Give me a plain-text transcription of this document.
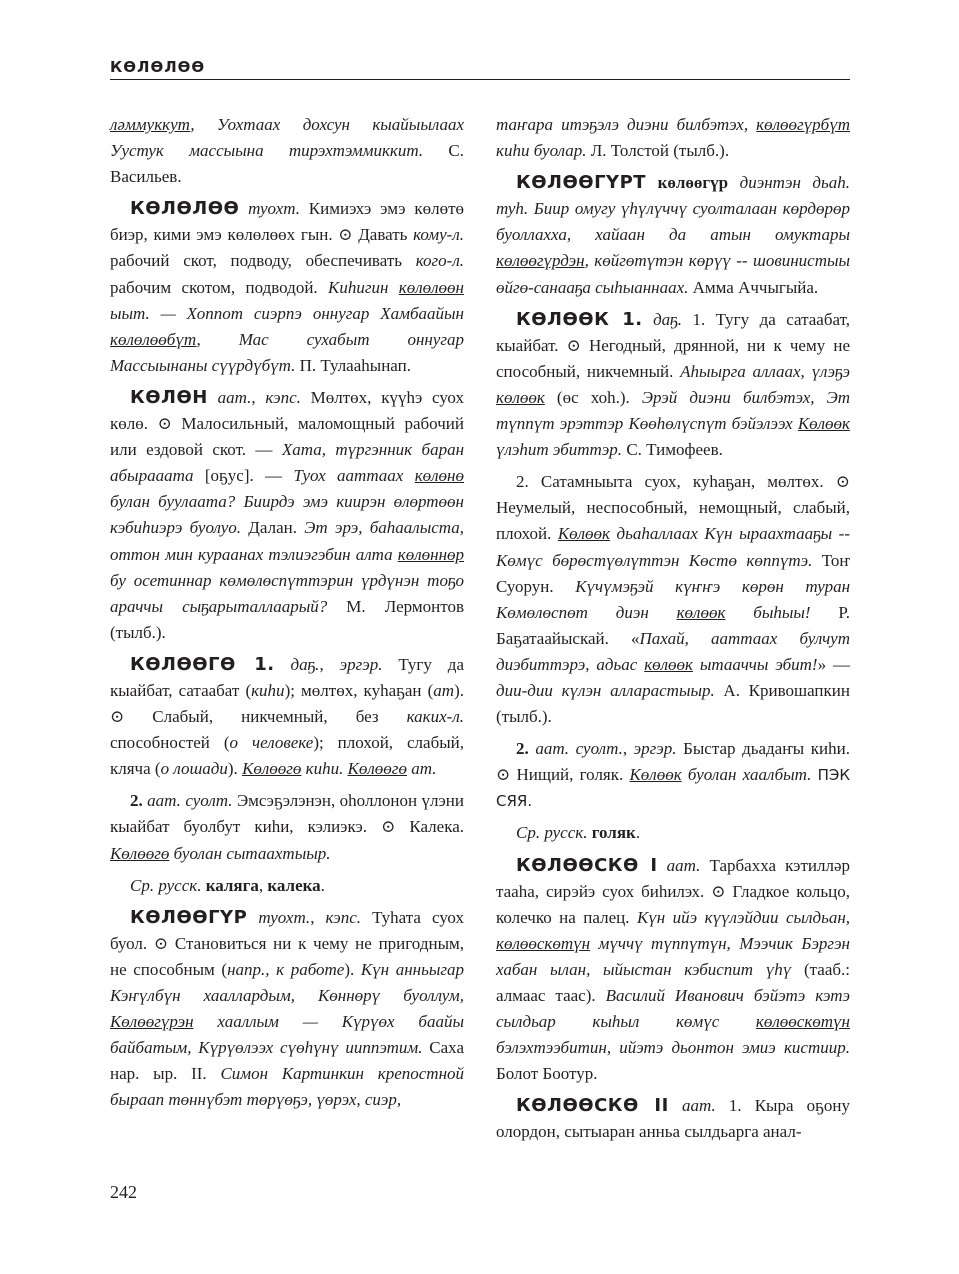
КӨЛӨЛӨӨ

ләммуккут, Уохтаах дохсун кыайыылаах Уустук массыына тирэхтэммиккит. С. Васильев.

КӨЛӨЛӨӨ туохт. Кимиэхэ эмэ көлөтө биэр, кими эмэ көлөлөөх гын. ⊙ Давать кому-л. рабочий скот, подводу, обеспечивать кого-л. рабочим скотом, подводой. Киһигин көлөлөөн ыыт. — Хоппот сиэрпэ оннугар Хамбаайын көлөлөөбүт, Мас сухабыт оннугар Массыынаны сүүрдүбүт. П. Тулааһынап.

КӨЛӨН аат., кэпс. Мөлтөх, күүһэ суох көлө. ⊙ Малосильный, маломощный рабочий или ездовой скот. — Хата, түргэнник баран абырааата [оҕус]. — Туох ааттаах көлөнө булан буулаата? Биирдэ эмэ киирэн өлөртөөн кэбиһиэрэ буолуо. Далан. Эт эрэ, баһаалыста, оттон мин кураанах тэлиэгэбин алта көлөннөр бу осетиннар көмөлөспүттэрин үрдүнэн тоҕо араччы сыҕарыталлаарый? М. Лермонтов (тылб.).

КӨЛӨӨГӨ 1. даҕ., эргэр. Тугу да кыайбат, сатаабат (киһи); мөлтөх, куһаҕан (ат). ⊙ Слабый, никчемный, без каких-л. способностей (о человеке); плохой, слабый, кляча (о лошади). Көлөөгө киһи. Көлөөгө ат.

2. аат. суолт. Эмсэҕэлэнэн, оһоллонон үлэни кыайбат буолбут киһи, кэлиэкэ. ⊙ Калека. Көлөөгө буолан сытаахтыыр.

Ср. русск. каляга, калека.

КӨЛӨӨГҮР туохт., кэпс. Туһата суох буол. ⊙ Становиться ни к чему не пригодным, не способным (напр., к работе). Күн анньыгар Кэҥүлбүн хааллардым, Көннөрү буоллум, Көлөөгүрэн хааллым — Күрүөх баайы байбатым, Күрүөлээх сүөһүнү ииппэтим. Саха нар. ыр. II. Симон Картинкин крепостной быраап төннүбэт төрүөҕэ, үөрэх, сиэр,

таҥара итэҕэлэ диэни билбэтэх, көлөөгүрбүт киһи буолар. Л. Толстой (тылб.).

КӨЛӨӨГҮРТ көлөөгүр диэнтэн дьаһ. туһ. Биир омугу үһүлүччү суолталаан көрдөрөр буоллахха, хайаан да атын омуктары көлөөгүрдэн, көйгөтүтэн көрүү -- шовинистыы өйгө-санааҕа сыһыаннаах. Амма Аччыгыйа.

КӨЛӨӨК 1. даҕ. 1. Тугу да сатаабат, кыайбат. ⊙ Негодный, дрянной, ни к чему не способный, никчемный. Аһыырга аллаах, үлэҕэ көлөөк (өс хоһ.). Эрэй диэни билбэтэх, Эт түппүт эрэттэр Көөһөлүспүт бэйэлээх Көлөөк үлэһит эбиттэр. С. Тимофеев.

2. Сатамныыта суох, куһаҕан, мөлтөх. ⊙ Неумелый, неспособный, немощный, слабый, плохой. Көлөөк дьаһаллаах Күн ыраахтааҕы -- Көмүс бөрөстүөлүттэн Көстө көппүтэ. Тоҥ Суорун. Күчүмэҕэй күҥҥэ көрөн туран Көмөлөспөт диэн көлөөк быһыы! Р. Баҕатаайыскай. «Пахай, ааттаах булчут диэбиттэрэ, адьас көлөөк ытааччы эбит!» — дии-дии күлэн алларастыыр. А. Кривошапкин (тылб.).

2. аат. суолт., эргэр. Быстар дьадаҥы киһи. ⊙ Нищий, голяк. Көлөөк буолан хаалбыт. ПЭК СЯЯ.

Ср. русск. голяк.

КӨЛӨӨСКӨ I аат. Тарбахха кэтилләр тааһа, сирэйэ суох биһилэх. ⊙ Гладкое кольцо, колечко на палец. Күн ийэ күүлэйдии сылдьан, көлөөскөтүн мүччү түппүтүн, Мээчик Бэргэн хабан ылан, ыйыстан кэбиспит үһү (тааб.: алмаас таас). Василий Иванович бэйэтэ кэтэ сылдьар кыһыл көмүс көлөөскөтүн бэлэхтээбитин, ийэтэ дьонтон эмиэ кистиир. Болот Боотур.

КӨЛӨӨСКӨ II аат. 1. Кыра оҕону олордон, сытыаран анньа сылдьарга анал-

242
